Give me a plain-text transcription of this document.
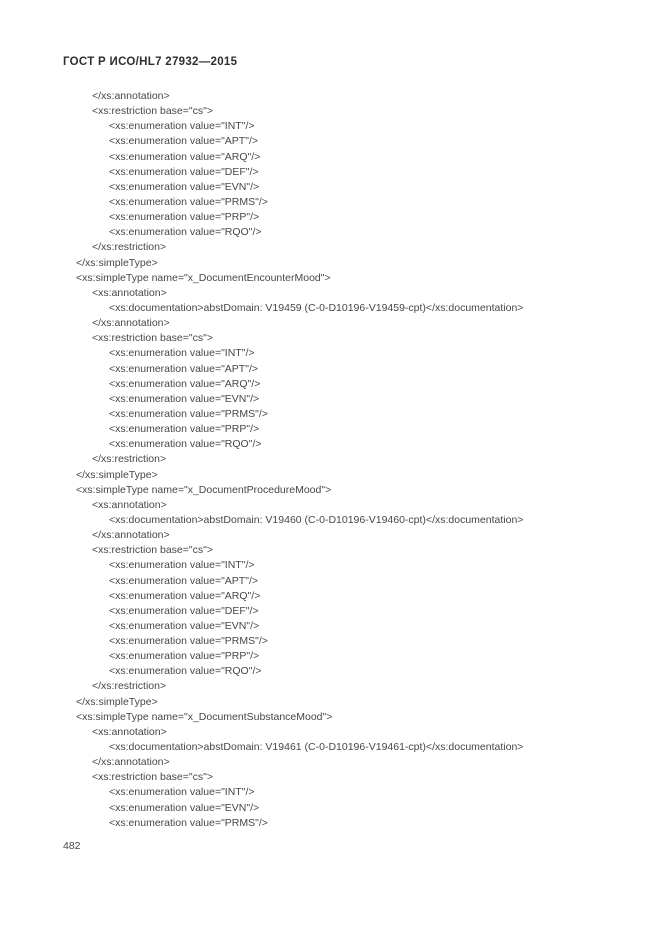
ГОСТ Р ИСО/HL7 27932—2015
</xs:annotation>
<xs:restriction base="cs">
<xs:enumeration value="INT"/>
<xs:enumeration value="APT"/>
<xs:enumeration value="ARQ"/>
<xs:enumeration value="DEF"/>
<xs:enumeration value="EVN"/>
<xs:enumeration value="PRMS"/>
<xs:enumeration value="PRP"/>
<xs:enumeration value="RQO"/>
</xs:restriction>
</xs:simpleType>
<xs:simpleType name="x_DocumentEncounterMood">
<xs:annotation>
<xs:documentation>abstDomain: V19459 (C-0-D10196-V19459-cpt)</xs:documentation>
</xs:annotation>
<xs:restriction base="cs">
<xs:enumeration value="INT"/>
<xs:enumeration value="APT"/>
<xs:enumeration value="ARQ"/>
<xs:enumeration value="EVN"/>
<xs:enumeration value="PRMS"/>
<xs:enumeration value="PRP"/>
<xs:enumeration value="RQO"/>
</xs:restriction>
</xs:simpleType>
<xs:simpleType name="x_DocumentProcedureMood">
<xs:annotation>
<xs:documentation>abstDomain: V19460 (C-0-D10196-V19460-cpt)</xs:documentation>
</xs:annotation>
<xs:restriction base="cs">
<xs:enumeration value="INT"/>
<xs:enumeration value="APT"/>
<xs:enumeration value="ARQ"/>
<xs:enumeration value="DEF"/>
<xs:enumeration value="EVN"/>
<xs:enumeration value="PRMS"/>
<xs:enumeration value="PRP"/>
<xs:enumeration value="RQO"/>
</xs:restriction>
</xs:simpleType>
<xs:simpleType name="x_DocumentSubstanceMood">
<xs:annotation>
<xs:documentation>abstDomain: V19461 (C-0-D10196-V19461-cpt)</xs:documentation>
</xs:annotation>
<xs:restriction base="cs">
<xs:enumeration value="INT"/>
<xs:enumeration value="EVN"/>
<xs:enumeration value="PRMS"/>
482
